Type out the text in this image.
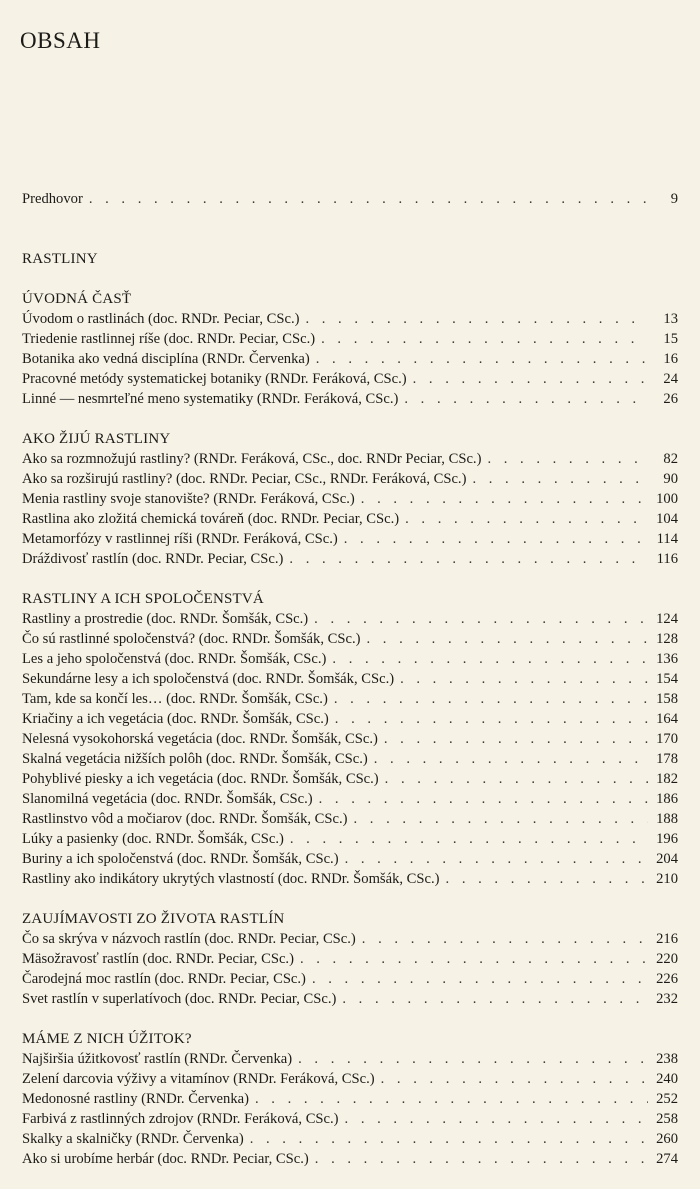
OBSAH
Predhovor . . .	9
RASTLINY
ÚVODNÁ ČASŤ
Úvodom o rastlinách (doc. RNDr. Peciar, CSc.) . . .	13
Triedenie rastlinnej ríše (doc. RNDr. Peciar, CSc.) . . .	15
Botanika ako vedná disciplína (RNDr. Červenka) . . .	16
Pracovné metódy systematickej botaniky (RNDr. Feráková, CSc.) . . .	24
Linné — nesmrteľné meno systematiky (RNDr. Feráková, CSc.) . . .	26
AKO ŽIJÚ RASTLINY
Ako sa rozmnožujú rastliny? (RNDr. Feráková, CSc., doc. RNDr Peciar, CSc.) . . .	82
Ako sa rozširujú rastliny? (doc. RNDr. Peciar, CSc., RNDr. Feráková, CSc.) . . .	90
Menia rastliny svoje stanovište? (RNDr. Feráková, CSc.) . . .	100
Rastlina ako zložitá chemická továreň (doc. RNDr. Peciar, CSc.) . . .	104
Metamorfózy v rastlinnej ríši (RNDr. Feráková, CSc.) . . .	114
Dráždivosť rastlín (doc. RNDr. Peciar, CSc.) . . .	116
RASTLINY A ICH SPOLOČENSTVÁ
Rastliny a prostredie (doc. RNDr. Šomšák, CSc.) . . .	124
Čo sú rastlinné spoločenstvá? (doc. RNDr. Šomšák, CSc.) . . .	128
Les a jeho spoločenstvá (doc. RNDr. Šomšák, CSc.) . . .	136
Sekundárne lesy a ich spoločenstvá (doc. RNDr. Šomšák, CSc.) . . .	154
Tam, kde sa končí les… (doc. RNDr. Šomšák, CSc.) . . .	158
Kriačiny a ich vegetácia (doc. RNDr. Šomšák, CSc.) . . .	164
Nelesná vysokohorská vegetácia (doc. RNDr. Šomšák, CSc.) . . .	170
Skalná vegetácia nižších polôh (doc. RNDr. Šomšák, CSc.) . . .	178
Pohyblivé piesky a ich vegetácia (doc. RNDr. Šomšák, CSc.) . . .	182
Slanomilná vegetácia (doc. RNDr. Šomšák, CSc.) . . .	186
Rastlinstvo vôd a močiarov (doc. RNDr. Šomšák, CSc.) . . .	188
Lúky a pasienky (doc. RNDr. Šomšák, CSc.) . . .	196
Buriny a ich spoločenstvá (doc. RNDr. Šomšák, CSc.) . . .	204
Rastliny ako indikátory ukrytých vlastností (doc. RNDr. Šomšák, CSc.) . . .	210
ZAUJÍMAVOSTI ZO ŽIVOTA RASTLÍN
Čo sa skrýva v názvoch rastlín (doc. RNDr. Peciar, CSc.) . . .	216
Mäsožravosť rastlín (doc. RNDr. Peciar, CSc.) . . .	220
Čarodejná moc rastlín (doc. RNDr. Peciar, CSc.) . . .	226
Svet rastlín v superlatívoch (doc. RNDr. Peciar, CSc.) . . .	232
MÁME Z NICH ÚŽITOK?
Najširšia úžitkovosť rastlín (RNDr. Červenka) . . .	238
Zelení darcovia výživy a vitamínov (RNDr. Feráková, CSc.) . . .	240
Medonosné rastliny (RNDr. Červenka) . . .	252
Farbivá z rastlinných zdrojov (RNDr. Feráková, CSc.) . . .	258
Skalky a skalničky (RNDr. Červenka) . . .	260
Ako si urobíme herbár (doc. RNDr. Peciar, CSc.) . . .	274
